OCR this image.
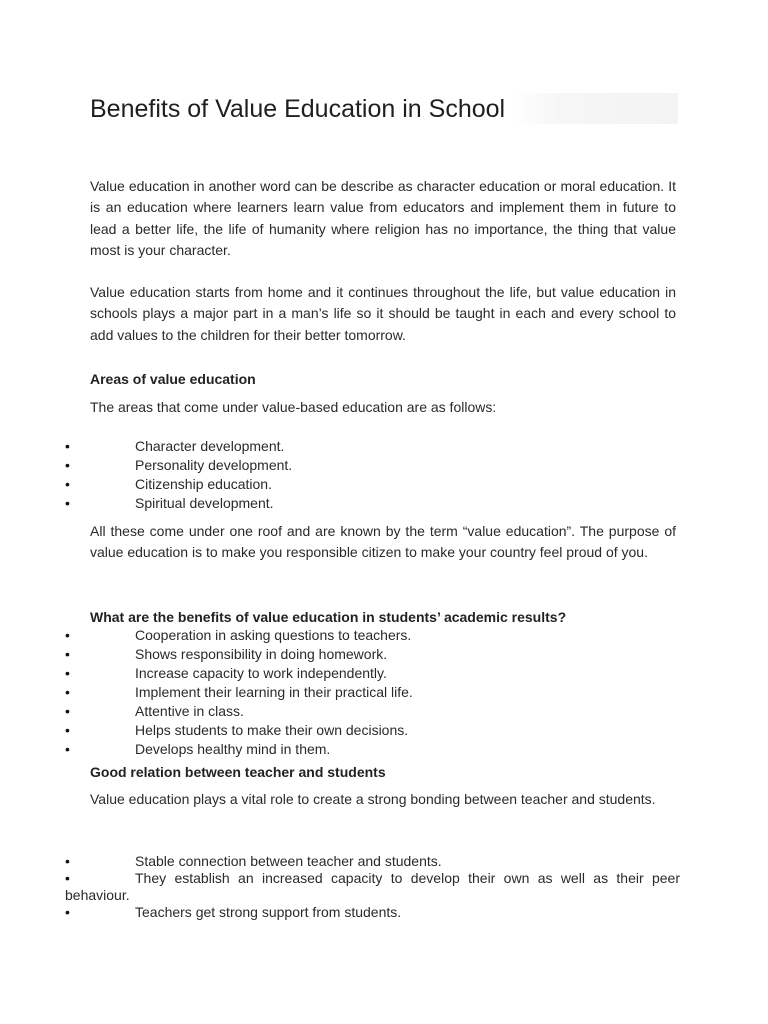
Benefits of Value Education in School

Value education in another word can be describe as character education or moral education. It is an education where learners learn value from educators and implement them in future to lead a better life, the life of humanity where religion has no importance, the thing that value most is your character.

Value education starts from home and it continues throughout the life, but value education in schools plays a major part in a man’s life so it should be taught in each and every school to add values to the children for their better tomorrow.

Areas of value education

The areas that come under value-based education are as follows:

•	Character development.
•	Personality development.
•	Citizenship education.
•	Spiritual development.

All these come under one roof and are known by the term “value education”. The purpose of value education is to make you responsible citizen to make your country feel proud of you.

What are the benefits of value education in students’ academic results?
•	Cooperation in asking questions to teachers.
•	Shows responsibility in doing homework.
•	Increase capacity to work independently.
•	Implement their learning in their practical life.
•	Attentive in class.
•	Helps students to make their own decisions.
•	Develops healthy mind in them.
Good relation between teacher and students

Value education plays a vital role to create a strong bonding between teacher and students.

•	Stable connection between teacher and students.
•	They establish an increased capacity to develop their own as well as their peer behaviour.
•	Teachers get strong support from students.
